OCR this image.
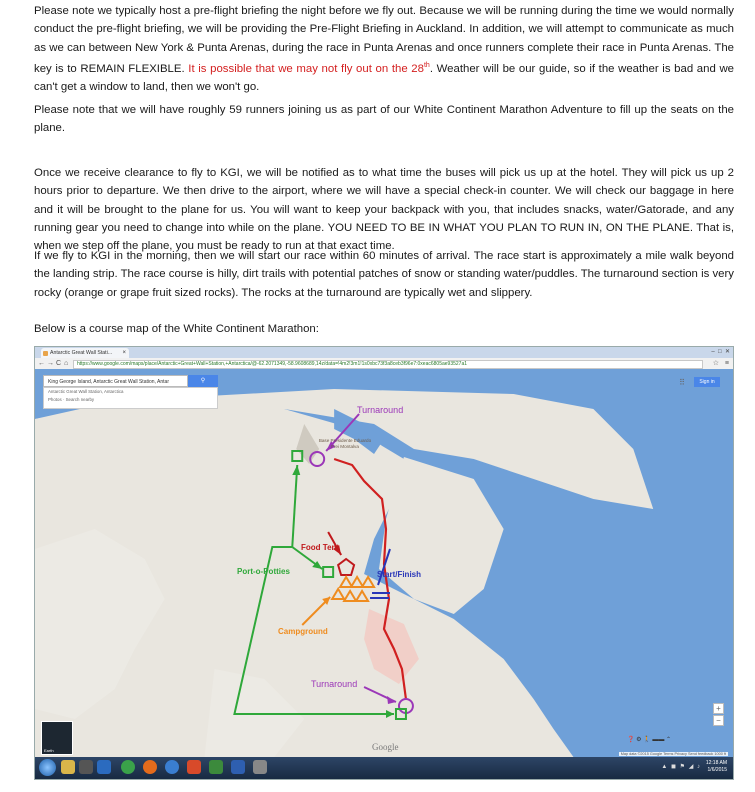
Please note we typically host a pre-flight briefing the night before we fly out. Because we will be running during the time we would normally conduct the pre-flight briefing, we will be providing the Pre-Flight Briefing in Auckland. In addition, we will attempt to communicate as much as we can between New York & Punta Arenas, during the race in Punta Arenas and once runners complete their race in Punta Arenas. The key is to REMAIN FLEXIBLE. It is possible that we may not fly out on the 28th. Weather will be our guide, so if the weather is bad and we can't get a window to land, then we won't go.

Please note that we will have roughly 59 runners joining us as part of our White Continent Marathon Adventure to fill up the seats on the plane.

Once we receive clearance to fly to KGI, we will be notified as to what time the buses will pick us up at the hotel. They will pick us up 2 hours prior to departure. We then drive to the airport, where we will have a special check-in counter. We will check our baggage in here and it will be brought to the plane for us. You will want to keep your backpack with you, that includes snacks, water/Gatorade, and any running gear you need to change into while on the plane. YOU NEED TO BE IN WHAT YOU PLAN TO RUN IN, ON THE PLANE. That is, when we step off the plane, you must be ready to run at that exact time.

If we fly to KGI in the morning, then we will start our race within 60 minutes of arrival. The race start is approximately a mile walk beyond the landing strip. The race course is hilly, dirt trails with potential patches of snow or standing water/puddles. The turnaround section is very rocky (orange or grape fruit sized rocks). The rocks at the turnaround are typically wet and slippery.

Below is a course map of the White Continent Marathon:

Antarctic Great Wall Stati... ×	–  □  ✕
← → C ⌂	https://www.google.com/maps/place/Antarctic+Great+Wall+Station,+Antarctica/@-62.2071349,-58.9608689,14z/data=!4m2!3m1!1s0xbc73f3a8ceb3f96e7:0xeac6805ae93527a1	☆ ≡
Base Presidente Eduardo Frei Montalva
Turnaround
Food Tent
Port-o-Potties	Start/Finish
Campground
Turnaround
Google
King George Island, Antarctic Great Wall Station, Antar	⚲
Antarctic Great Wall Station, Antarctica
Photos · Search nearby
⠿	Sign in
Earth
+
−
❓ ⚙ 🚶 ▬▬ ⌃
Map data ©2015 Google Terms Privacy Send feedback 1000 ft
▲ ◼ ⚑ ◢ ♪
12:18 AM
1/6/2015
